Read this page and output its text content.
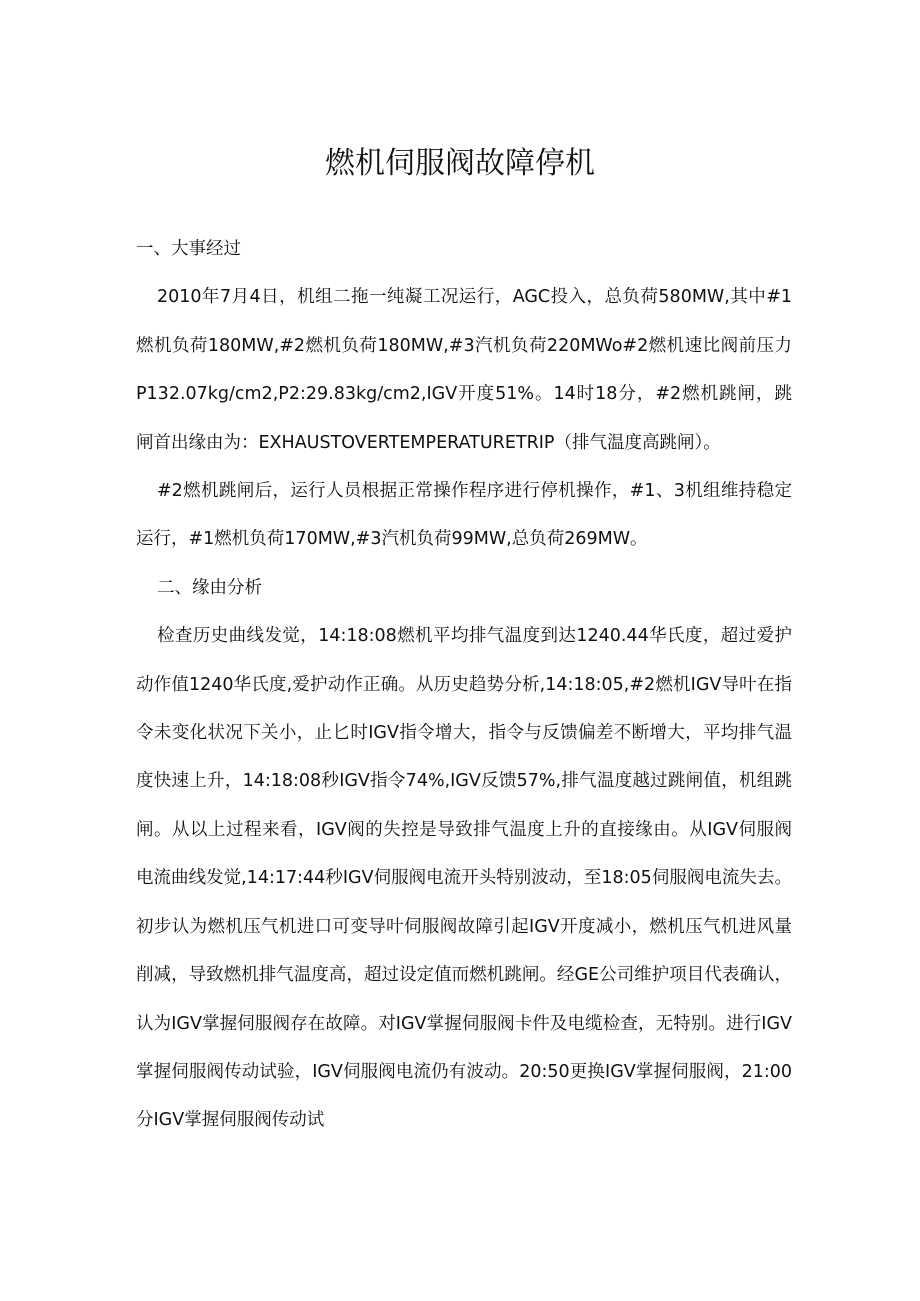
燃机伺服阀故障停机
一、大事经过

2010年7月4日，机组二拖一纯凝工况运行，AGC投入，总负荷580MW,其中#1燃机负荷180MW,#2燃机负荷180MW,#3汽机负荷220MWo#2燃机速比阀前压力P132.07kg/cm2,P2:29.83kg/cm2,IGV开度51%。14时18分，#2燃机跳闸，跳闸首出缘由为：EXHAUSTOVERTEMPERATURETRIP（排气温度高跳闸）。

#2燃机跳闸后，运行人员根据正常操作程序进行停机操作，#1、3机组维持稳定运行，#1燃机负荷170MW,#3汽机负荷99MW,总负荷269MW。

二、缘由分析

检查历史曲线发觉，14:18:08燃机平均排气温度到达1240.44华氏度，超过爱护动作值1240华氏度,爱护动作正确。从历史趋势分析,14:18:05,#2燃机IGV导叶在指令未变化状况下关小，止匕时IGV指令增大，指令与反馈偏差不断增大，平均排气温度快速上升，14:18:08秒IGV指令74%,IGV反馈57%,排气温度越过跳闸值，机组跳闸。从以上过程来看，IGV阀的失控是导致排气温度上升的直接缘由。从IGV伺服阀电流曲线发觉,14:17:44秒IGV伺服阀电流开头特别波动，至18:05伺服阀电流失去。初步认为燃机压气机进口可变导叶伺服阀故障引起IGV开度减小，燃机压气机进风量削减，导致燃机排气温度高，超过设定值而燃机跳闸。经GE公司维护项目代表确认，认为IGV掌握伺服阀存在故障。对IGV掌握伺服阀卡件及电缆检查，无特别。进行IGV掌握伺服阀传动试验，IGV伺服阀电流仍有波动。20:50更换IGV掌握伺服阀，21:00分IGV掌握伺服阀传动试
